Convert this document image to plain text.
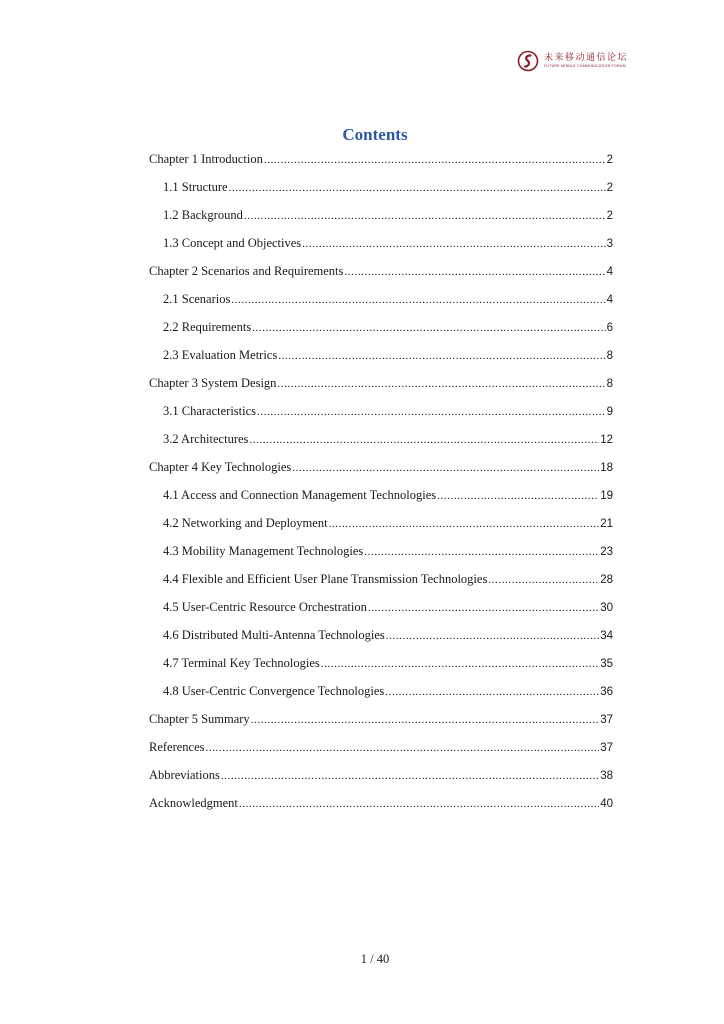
未来移动通信论坛
FUTURE MOBILE COMMUNICATION FORUM
Contents
Chapter 1 Introduction .....	2
1.1 Structure .....	2
1.2 Background .....	2
1.3 Concept and Objectives .....	3
Chapter 2 Scenarios and Requirements .....	4
2.1 Scenarios .....	4
2.2 Requirements .....	6
2.3 Evaluation Metrics .....	8
Chapter 3 System Design .....	8
3.1 Characteristics .....	9
3.2 Architectures .....	12
Chapter 4 Key Technologies .....	18
4.1 Access and Connection Management Technologies .....	19
4.2 Networking and Deployment .....	21
4.3 Mobility Management Technologies .....	23
4.4 Flexible and Efficient User Plane Transmission Technologies .....	28
4.5 User-Centric Resource Orchestration .....	30
4.6 Distributed Multi-Antenna Technologies .....	34
4.7 Terminal Key Technologies .....	35
4.8 User-Centric Convergence Technologies .....	36
Chapter 5 Summary .....	37
References .....	37
Abbreviations .....	38
Acknowledgment .....	40
1 / 40
